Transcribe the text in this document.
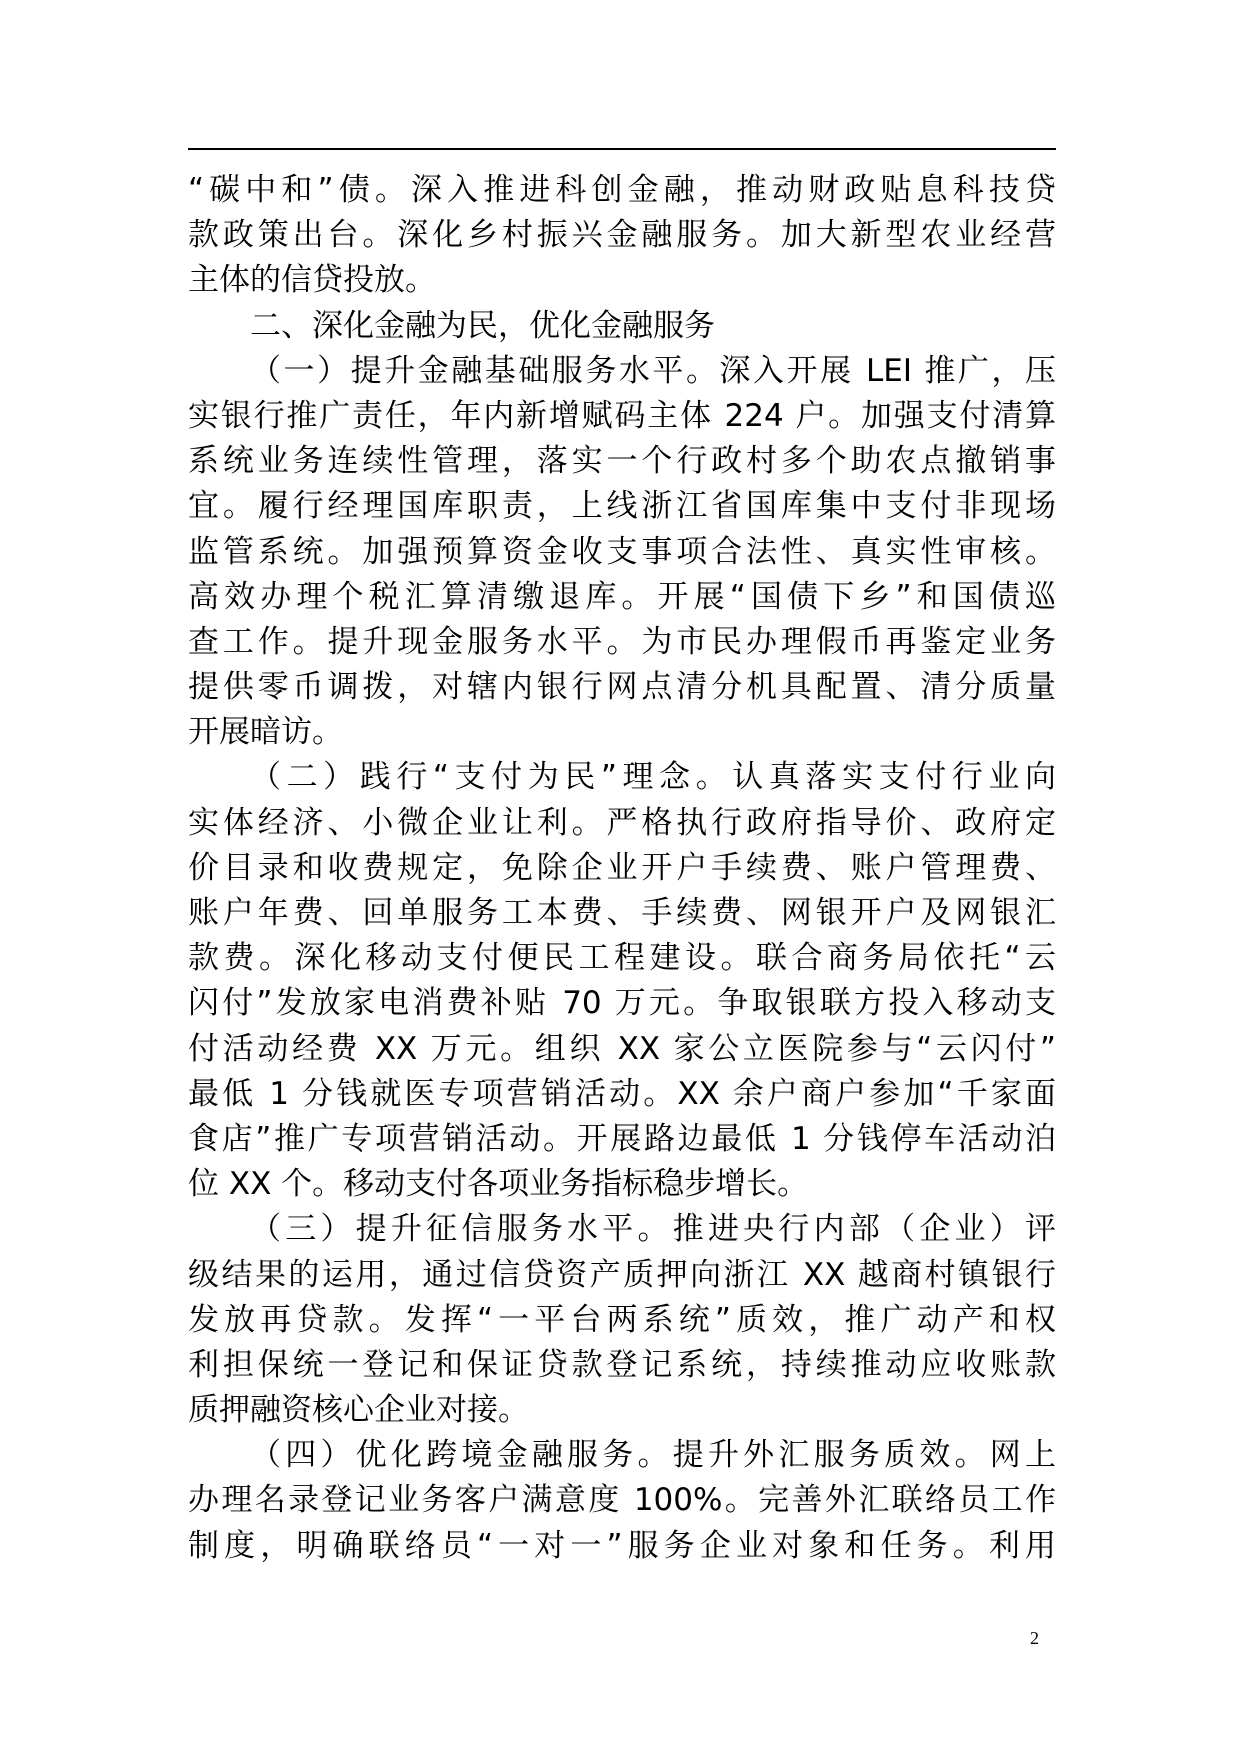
“碳中和”债。深入推进科创金融，推动财政贴息科技贷
款政策出台。深化乡村振兴金融服务。加大新型农业经营
主体的信贷投放。
二、深化金融为民，优化金融服务
（一）提升金融基础服务水平。深入开展 LEI 推广，压
实银行推广责任，年内新增赋码主体 224 户。加强支付清算
系统业务连续性管理，落实一个行政村多个助农点撤销事
宜。履行经理国库职责，上线浙江省国库集中支付非现场
监管系统。加强预算资金收支事项合法性、真实性审核。
高效办理个税汇算清缴退库。开展“国债下乡”和国债巡
查工作。提升现金服务水平。为市民办理假币再鉴定业务
提供零币调拨，对辖内银行网点清分机具配置、清分质量
开展暗访。
（二）践行“支付为民”理念。认真落实支付行业向
实体经济、小微企业让利。严格执行政府指导价、政府定
价目录和收费规定，免除企业开户手续费、账户管理费、
账户年费、回单服务工本费、手续费、网银开户及网银汇
款费。深化移动支付便民工程建设。联合商务局依托“云
闪付”发放家电消费补贴 70 万元。争取银联方投入移动支
付活动经费 XX 万元。组织 XX 家公立医院参与“云闪付”
最低 1 分钱就医专项营销活动。XX 余户商户参加“千家面
食店”推广专项营销活动。开展路边最低 1 分钱停车活动泊
位 XX 个。移动支付各项业务指标稳步增长。
（三）提升征信服务水平。推进央行内部（企业）评
级结果的运用，通过信贷资产质押向浙江 XX 越商村镇银行
发放再贷款。发挥“一平台两系统”质效，推广动产和权
利担保统一登记和保证贷款登记系统，持续推动应收账款
质押融资核心企业对接。
（四）优化跨境金融服务。提升外汇服务质效。网上
办理名录登记业务客户满意度 100%。完善外汇联络员工作
制度，明确联络员“一对一”服务企业对象和任务。利用
2
